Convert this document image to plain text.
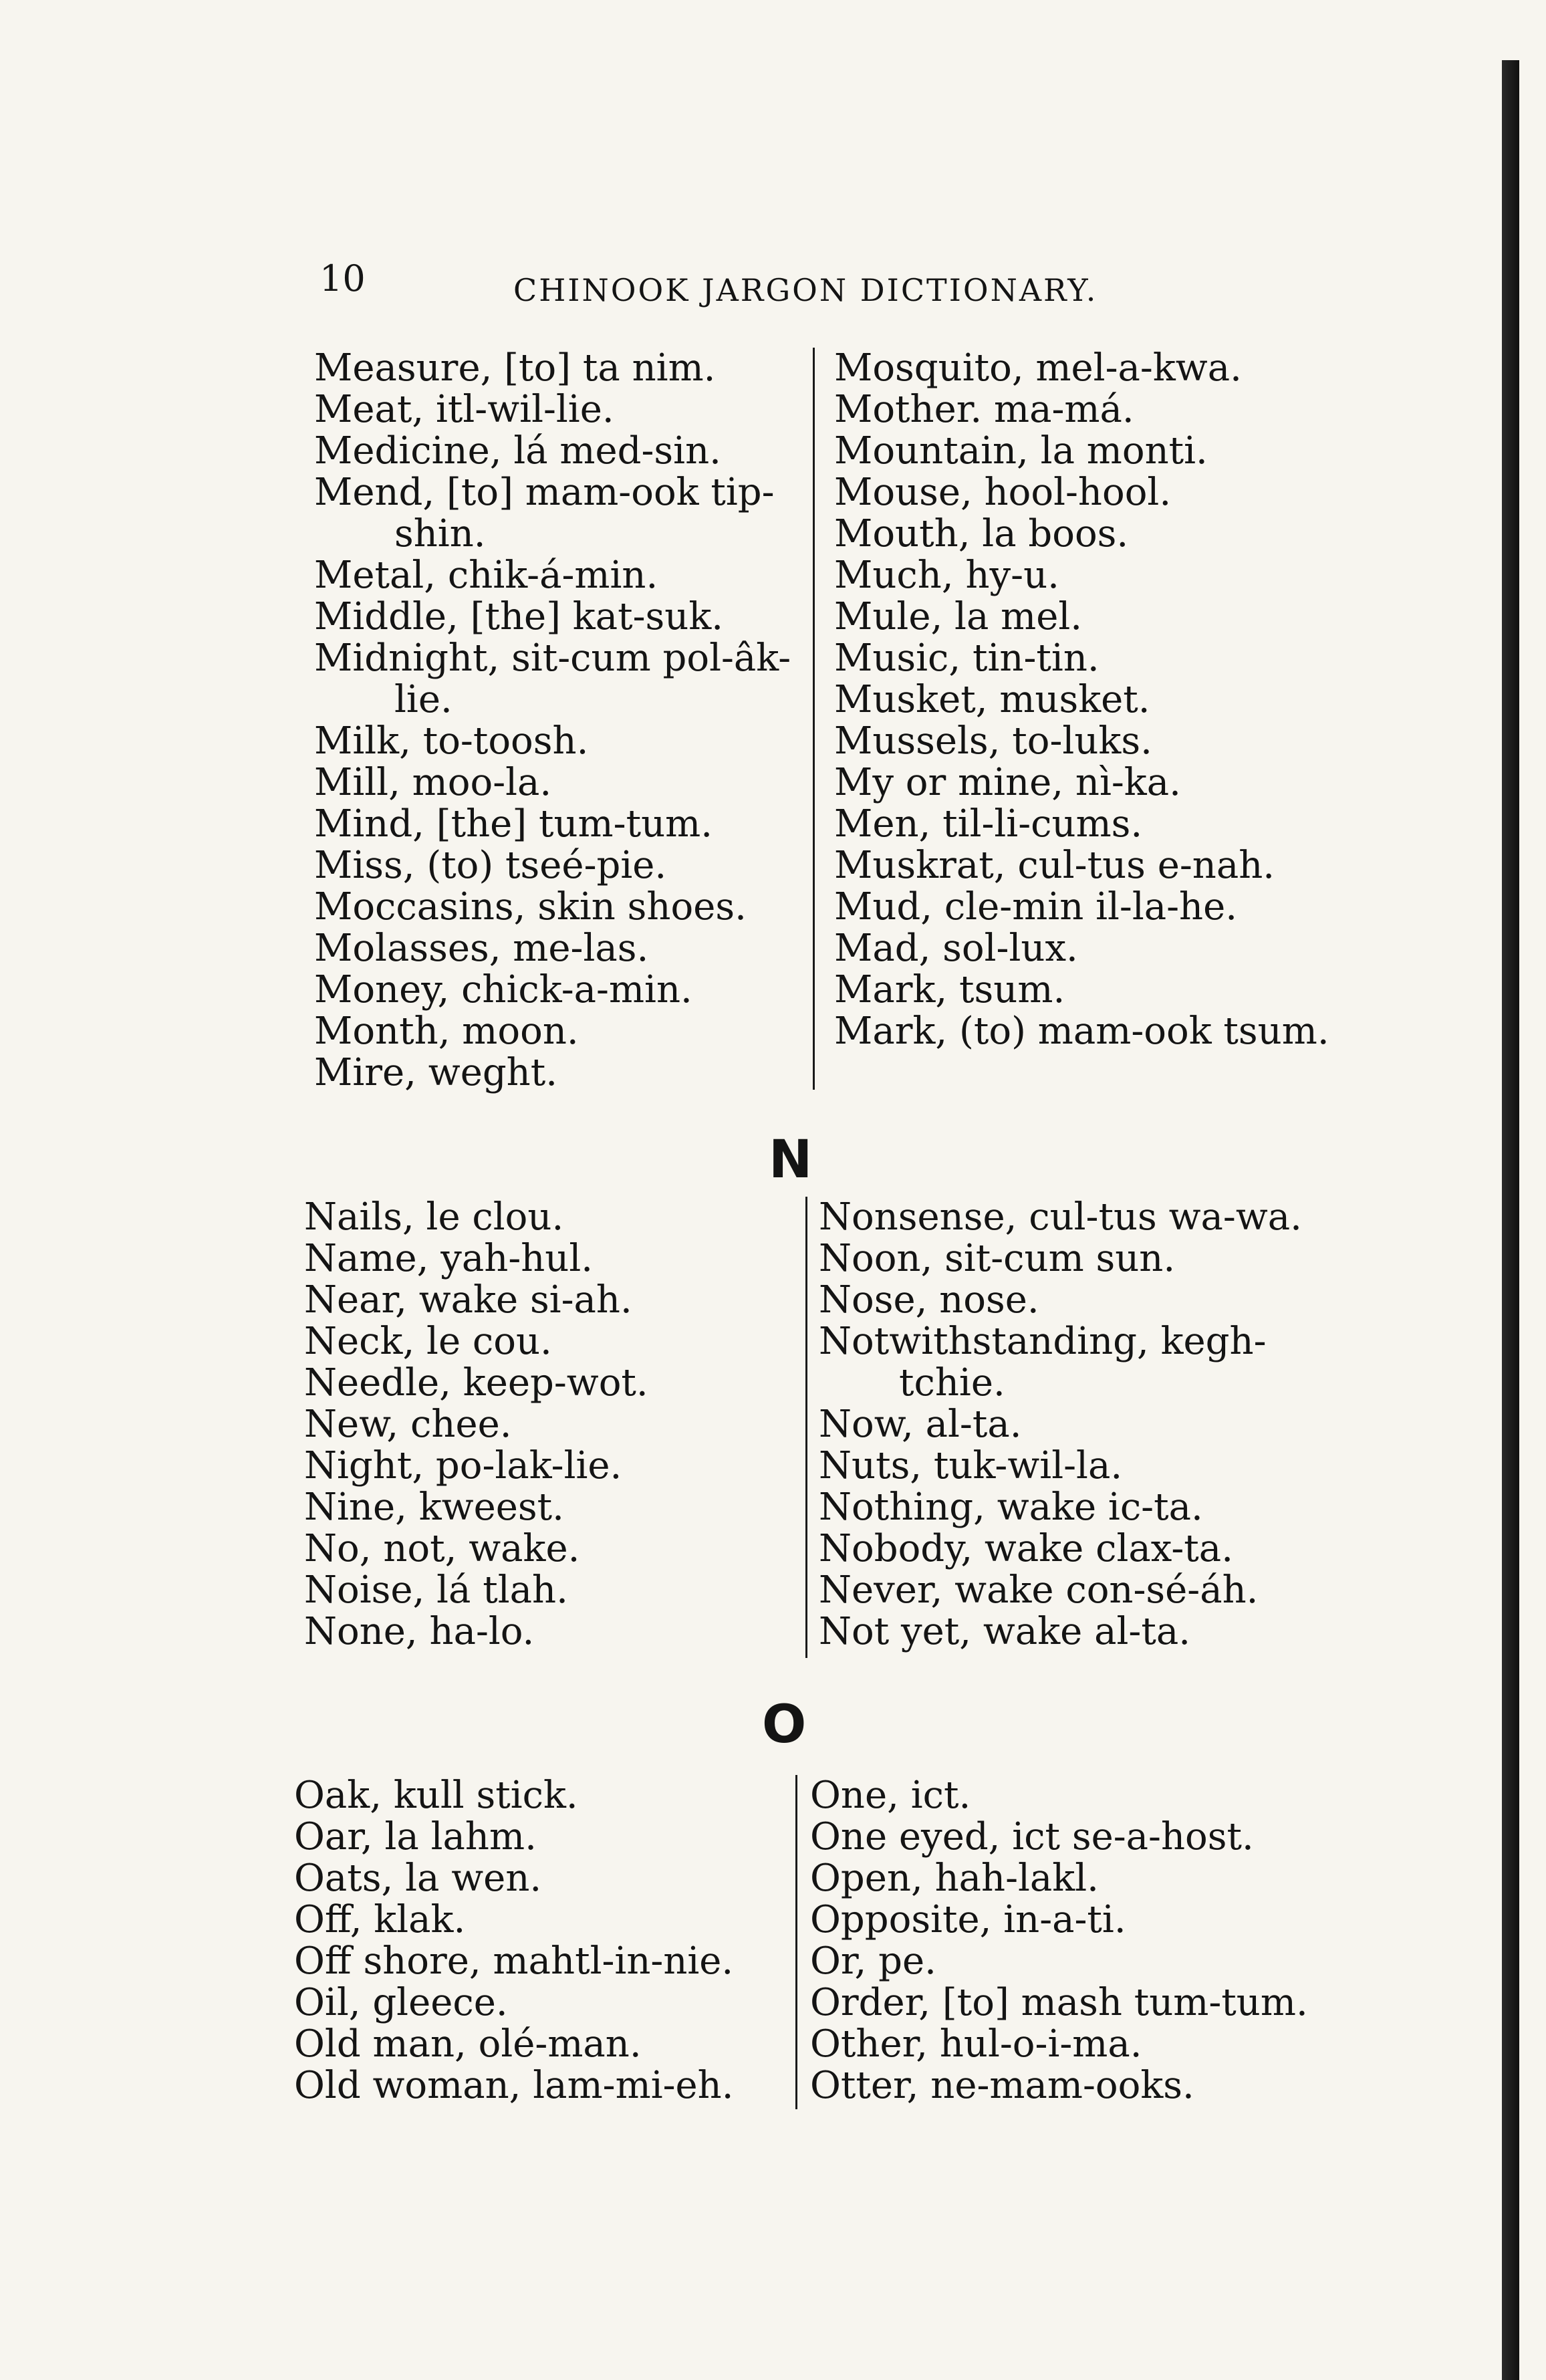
10	CHINOOK JARGON DICTIONARY.
Measure, [to] ta nim.
Meat, itl-wil-lie.
Medicine, lá med-sin.
Mend, [to] mam-ook tip-
shin.
Metal, chik-á-min.
Middle, [the] kat-suk.
Midnight, sit-cum pol-âk-
lie.
Milk, to-toosh.
Mill, moo-la.
Mind, [the] tum-tum.
Miss, (to) tseé-pie.
Moccasins, skin shoes.
Molasses, me-las.
Money, chick-a-min.
Month, moon.
Mire, weght.
Mosquito, mel-a-kwa.
Mother. ma-má.
Mountain, la monti.
Mouse, hool-hool.
Mouth, la boos.
Much, hy-u.
Mule, la mel.
Music, tin-tin.
Musket, musket.
Mussels, to-luks.
My or mine, nì-ka.
Men, til-li-cums.
Muskrat, cul-tus e-nah.
Mud, cle-min il-la-he.
Mad, sol-lux.
Mark, tsum.
Mark, (to) mam-ook tsum.
N
Nails, le clou.
Name, yah-hul.
Near, wake si-ah.
Neck, le cou.
Needle, keep-wot.
New, chee.
Night, po-lak-lie.
Nine, kweest.
No, not, wake.
Noise, lá tlah.
None, ha-lo.
Nonsense, cul-tus wa-wa.
Noon, sit-cum sun.
Nose, nose.
Notwithstanding, kegh-
tchie.
Now, al-ta.
Nuts, tuk-wil-la.
Nothing, wake ic-ta.
Nobody, wake clax-ta.
Never, wake con-sé-áh.
Not yet, wake al-ta.
O
Oak, kull stick.
Oar, la lahm.
Oats, la wen.
Off, klak.
Off shore, mahtl-in-nie.
Oil, gleece.
Old man, olé-man.
Old woman, lam-mi-eh.
One, ict.
One eyed, ict se-a-host.
Open, hah-lakl.
Opposite, in-a-ti.
Or, pe.
Order, [to] mash tum-tum.
Other, hul-o-i-ma.
Otter, ne-mam-ooks.
